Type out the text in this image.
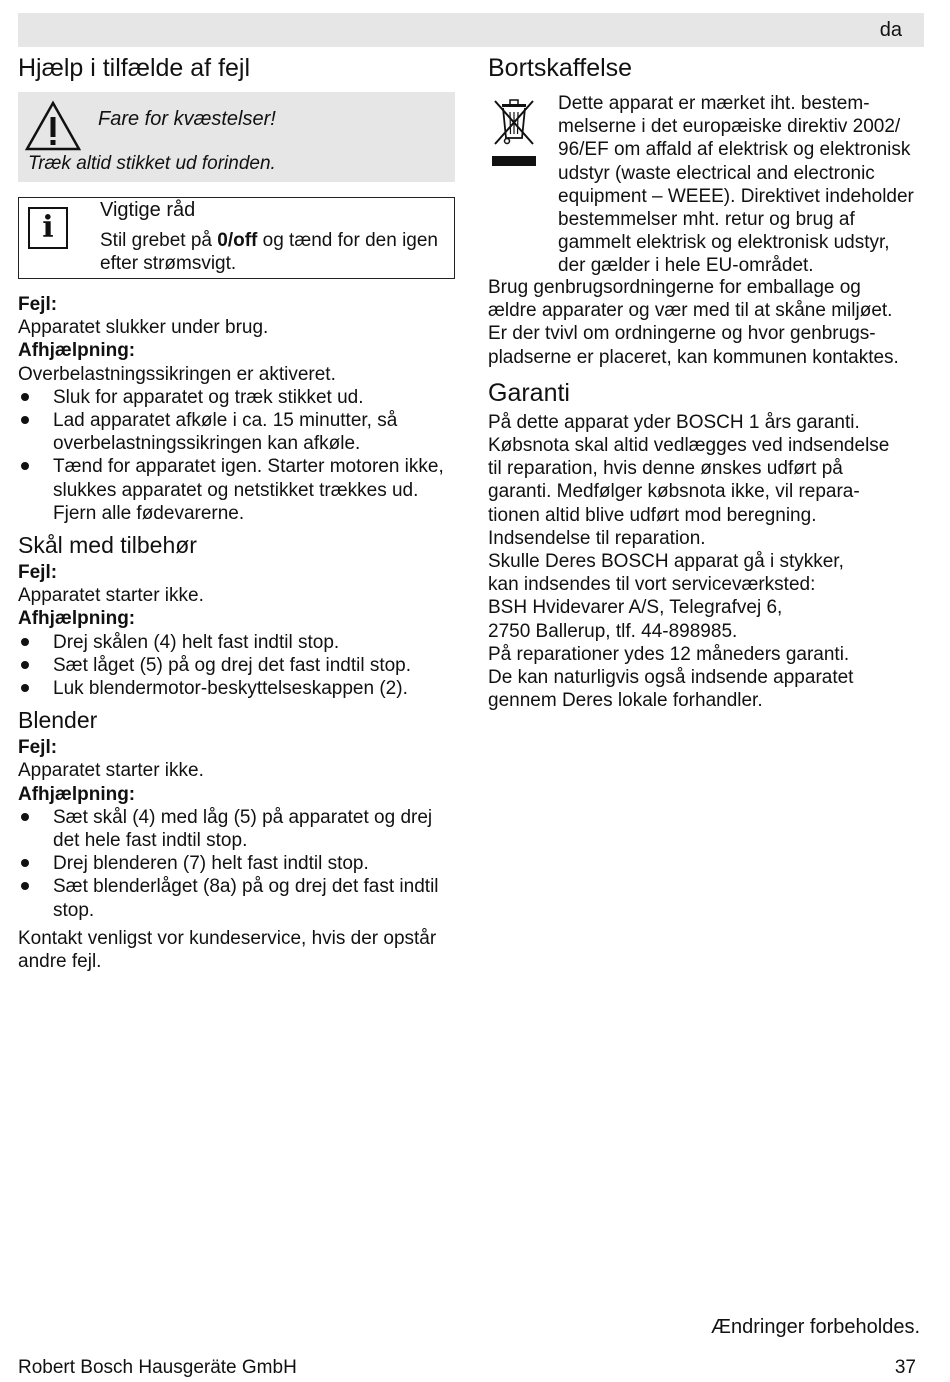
da
Hjælp i tilfælde af fejl
Fare for kvæstelser!
Træk altid stikket ud forinden.
i	Vigtige råd
Stil grebet på 0/off og tænd for den igen efter strømsvigt.

Fejl:

Apparatet slukker under brug.

Afhjælpning:

Overbelastningssikringen er aktiveret.

Sluk for apparatet og træk stikket ud.
Lad apparatet afkøle i ca. 15 minutter, så overbelastningssikringen kan afkøle.
Tænd for apparatet igen. Starter motoren ikke, slukkes apparatet og netstikket trækkes ud. Fjern alle fødevarerne.
Skål med tilbehør

Fejl:

Apparatet starter ikke.

Afhjælpning:

Drej skålen (4) helt fast indtil stop.
Sæt låget (5) på og drej det fast indtil stop.
Luk blendermotor-beskyttelseskappen (2).
Blender

Fejl:

Apparatet starter ikke.

Afhjælpning:

Sæt skål (4) med låg (5) på apparatet og drej det hele fast indtil stop.
Drej blenderen (7) helt fast indtil stop.
Sæt blenderlåget (8a) på og drej det fast indtil stop.

Kontakt venligst vor kundeservice, hvis der opstår andre fejl.

Bortskaffelse
Dette apparat er mærket iht. bestem-
melserne i det europæiske direktiv 2002/
96/EF om affald af elektrisk og elektronisk
udstyr (waste electrical and electronic
equipment – WEEE). Direktivet indeholder
bestemmelser mht. retur og brug af
gammelt elektrisk og elektronisk udstyr,
der gælder i hele EU-området.
Brug genbrugsordningerne for emballage og
ældre apparater og vær med til at skåne miljøet.
Er der tvivl om ordningerne og hvor genbrugs-
pladserne er placeret, kan kommunen kontaktes.
Garanti
På dette apparat yder BOSCH 1 års garanti.
Købsnota skal altid vedlægges ved indsendelse
til reparation, hvis denne ønskes udført på
garanti. Medfølger købsnota ikke, vil repara-
tionen altid blive udført mod beregning.
Indsendelse til reparation.
Skulle Deres BOSCH apparat gå i stykker,
kan indsendes til vort serviceværksted:
BSH Hvidevarer A/S, Telegrafvej 6,
2750 Ballerup, tlf. 44-898985.
På reparationer ydes 12 måneders garanti.
De kan naturligvis også indsende apparatet
gennem Deres lokale forhandler.
Ændringer forbeholdes.
Robert Bosch Hausgeräte GmbH	37
